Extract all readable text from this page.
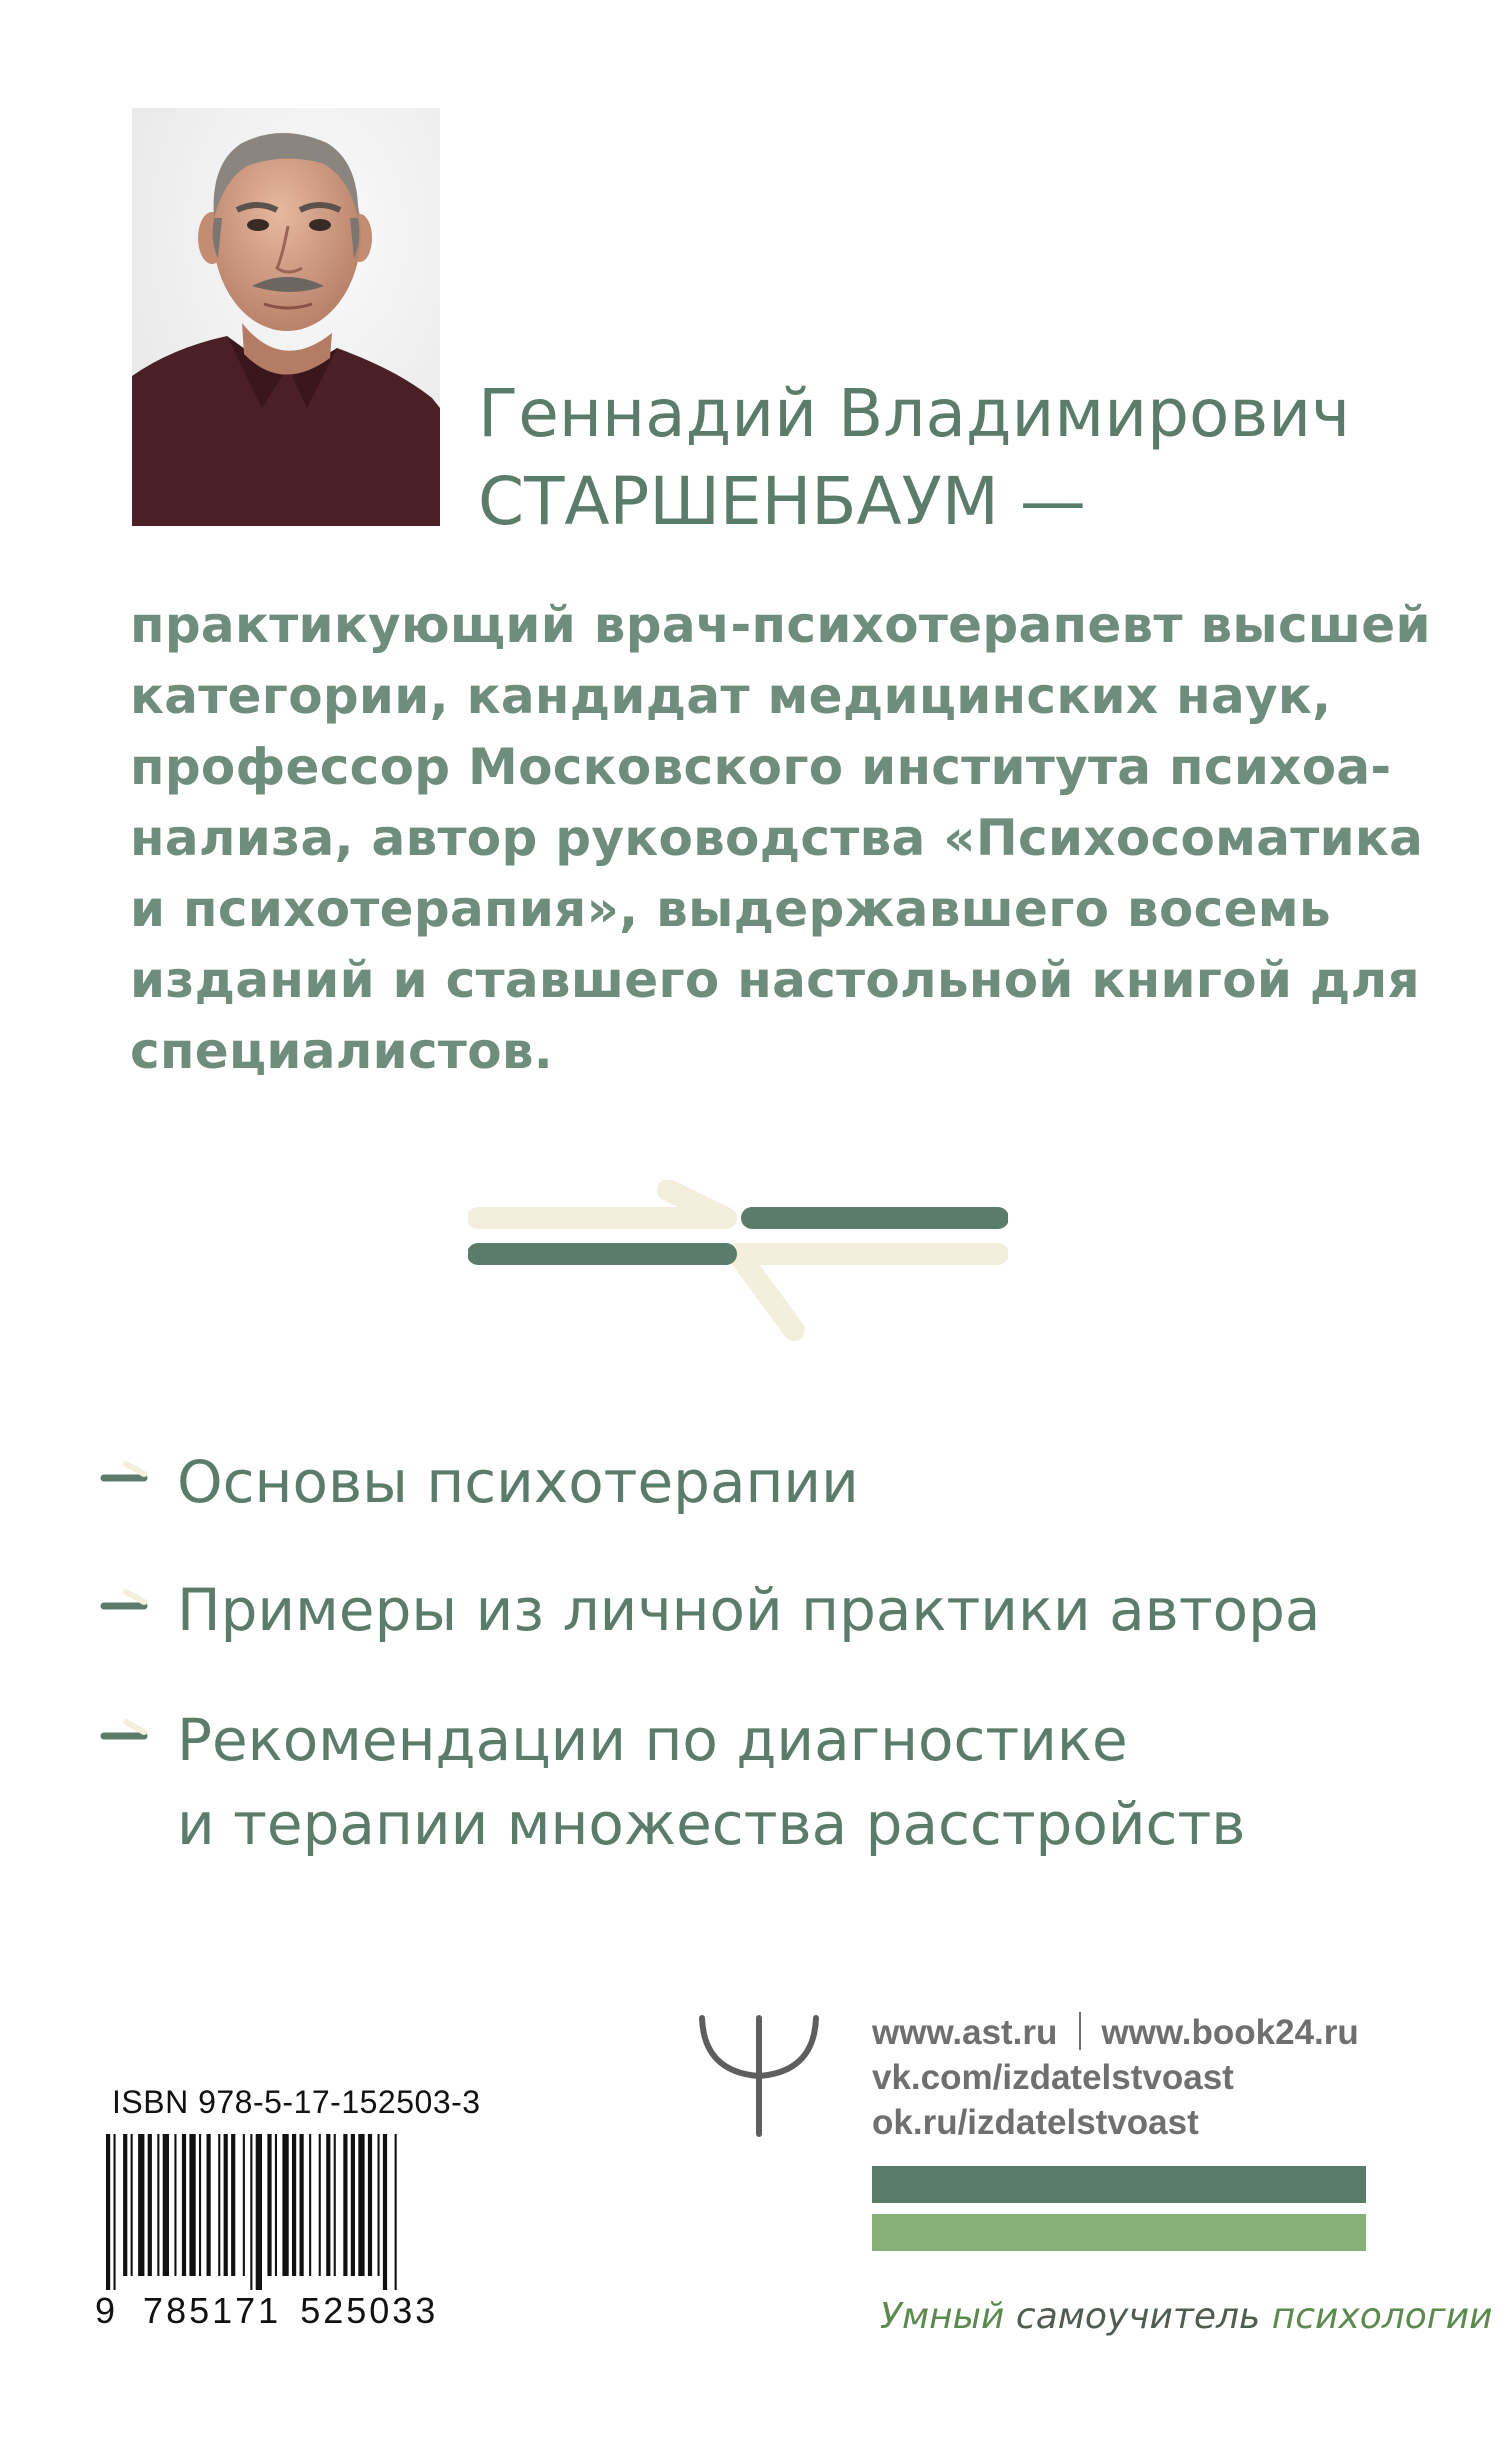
Геннадий Владимирович
СТАРШЕНБАУМ —
практикующий врач-психотерапевт высшей
категории, кандидат медицинских наук,
профессор Московского института психоа-
нализа, автор руководства «Психосоматика
и психотерапия», выдержавшего восемь
изданий и ставшего настольной книгой для
специалистов.
Основы психотерапии
Примеры из личной практики автора
Рекомендации по диагностике
и терапии множества расстройств
ISBN 978-5-17-152503-3
9 785171 525033
www.ast.ru www.book24.ru
vk.com/izdatelstvoast
ok.ru/izdatelstvoast
Умный самоучитель психологии
